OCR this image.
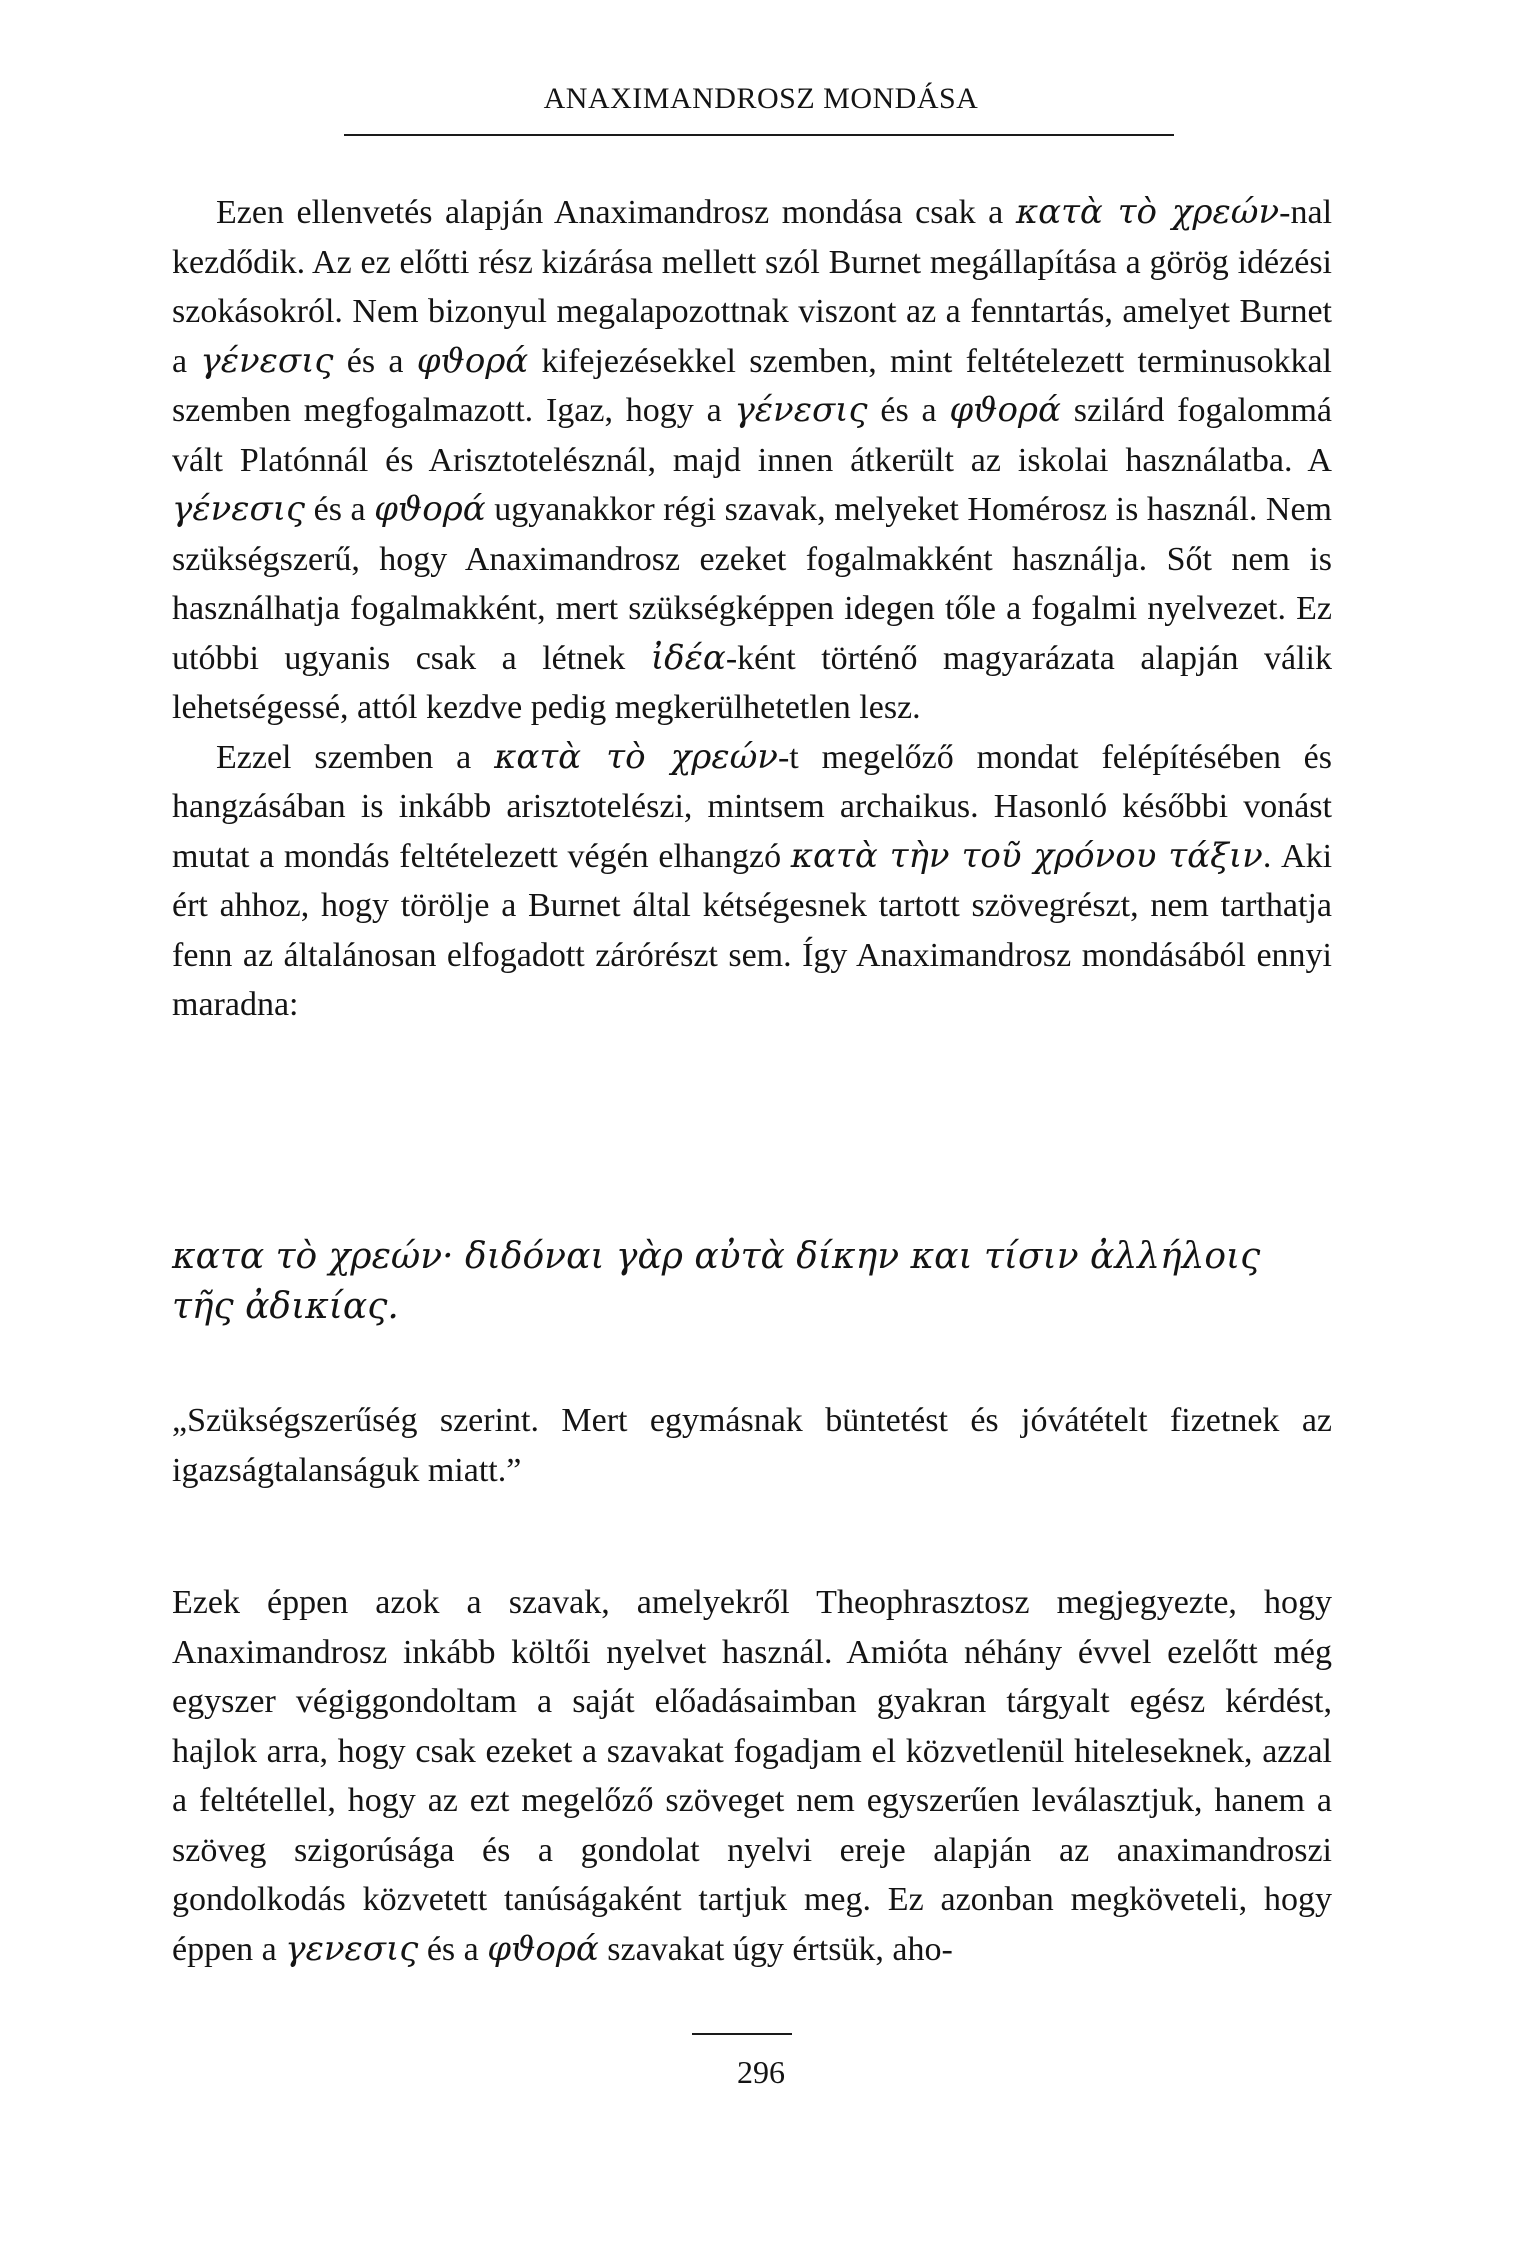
ANAXIMANDROSZ MONDÁSA

Ezen ellenvetés alapján Anaximandrosz mondása csak a κατὰ τὸ χρεών-nal kezdődik. Az ez előtti rész kizárása mellett szól Burnet megállapítása a görög idézési szokásokról. Nem bizonyul megalapozottnak viszont az a fenntartás, amelyet Burnet a γένεσις és a φϑορά kifejezésekkel szemben, mint feltételezett terminusokkal szemben megfogalmazott. Igaz, hogy a γένεσις és a φϑορά szilárd fogalommá vált Platónnál és Arisztotelésznál, majd innen átkerült az iskolai használatba. A γένεσις és a φϑορά ugyanakkor régi szavak, melyeket Homérosz is használ. Nem szükségszerű, hogy Anaximandrosz ezeket fogalmakként használja. Sőt nem is használhatja fogalmakként, mert szükségképpen idegen tőle a fogalmi nyelvezet. Ez utóbbi ugyanis csak a létnek ἰδέα-ként történő magyarázata alapján válik lehetségessé, attól kezdve pedig megkerülhetetlen lesz.

Ezzel szemben a κατὰ τὸ χρεών-t megelőző mondat felépítésében és hangzásában is inkább arisztotelészi, mintsem archaikus. Hasonló későbbi vonást mutat a mondás feltételezett végén elhangzó κατὰ τὴν τοῦ χρόνου τάξιν. Aki ért ahhoz, hogy törölje a Burnet által kétségesnek tartott szövegrészt, nem tarthatja fenn az általánosan elfogadott zárórészt sem. Így Anaximandrosz mondásából ennyi maradna:

κατα τὸ χρεών· διδόναι γὰρ αὐτὰ δίκην και τίσιν ἀλλήλοις τῆς ἀδικίας.
„Szükségszerűség szerint. Mert egymásnak büntetést és jóvátételt fizetnek az igazságtalanságuk miatt.”

Ezek éppen azok a szavak, amelyekről Theophrasztosz megjegyezte, hogy Anaximandrosz inkább költői nyelvet használ. Amióta néhány évvel ezelőtt még egyszer végiggondoltam a saját előadásaimban gyakran tárgyalt egész kérdést, hajlok arra, hogy csak ezeket a szavakat fogadjam el közvetlenül hiteleseknek, azzal a feltétellel, hogy az ezt megelőző szöveget nem egyszerűen leválasztjuk, hanem a szöveg szigorúsága és a gondolat nyelvi ereje alapján az anaximandroszi gondolkodás közvetett tanúságaként tartjuk meg. Ez azonban megköveteli, hogy éppen a γενεσις és a φϑορά szavakat úgy értsük, aho-

296
